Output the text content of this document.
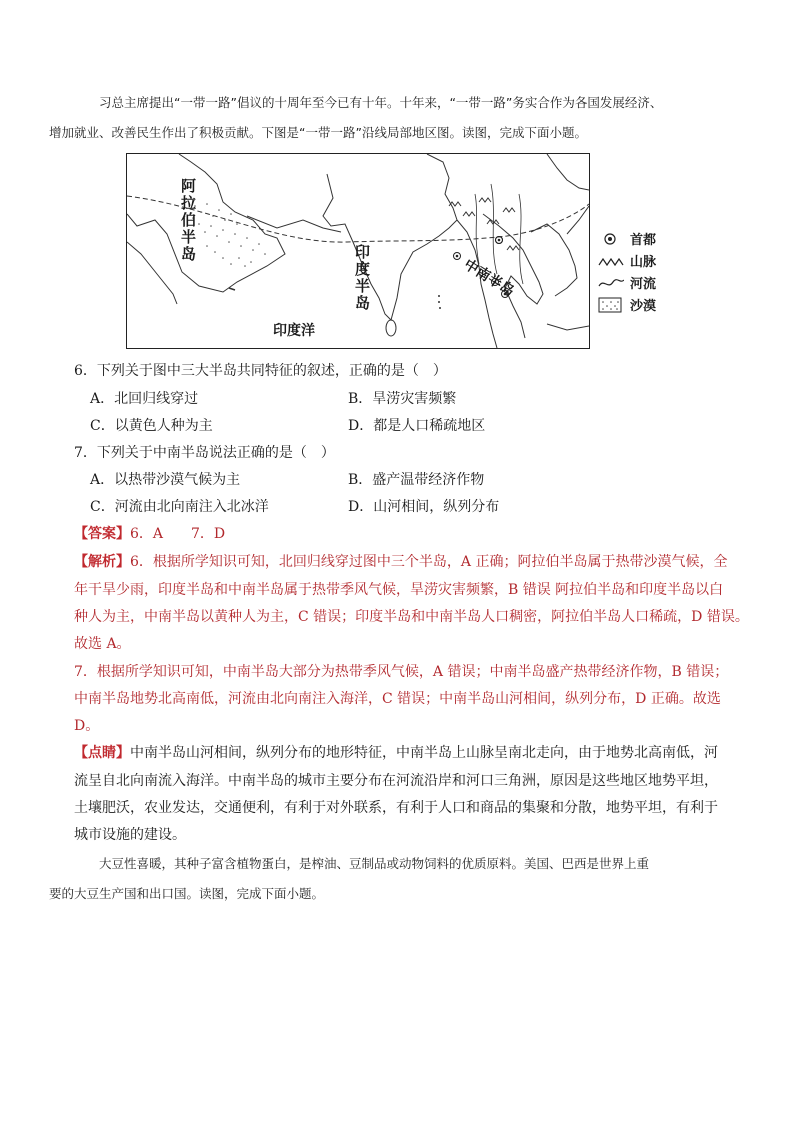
习总主席提出“一带一路”倡议的十周年至今已有十年。十年来，“一带一路”务实合作为各国发展经济、
增加就业、改善民生作出了积极贡献。下图是“一带一路”沿线局部地区图。读图，完成下面小题。
阿
拉
伯
半
岛	印
度
半
岛
中南半岛
印度洋
首都
山脉
河流
沙漠
6．下列关于图中三大半岛共同特征的叙述，正确的是（　）
A．北回归线穿过	B．旱涝灾害频繁
C．以黄色人种为主	D．都是人口稀疏地区
7．下列关于中南半岛说法正确的是（　）
A．以热带沙漠气候为主	B．盛产温带经济作物
C．河流由北向南注入北冰洋	D．山河相间，纵列分布
【答案】6．A　　7．D
【解析】6．根据所学知识可知，北回归线穿过图中三个半岛，A 正确；阿拉伯半岛属于热带沙漠气候，全
年干旱少雨，印度半岛和中南半岛属于热带季风气候，旱涝灾害频繁，B 错误 阿拉伯半岛和印度半岛以白
种人为主，中南半岛以黄种人为主，C 错误；印度半岛和中南半岛人口稠密，阿拉伯半岛人口稀疏，D 错误。
故选 A。
7．根据所学知识可知，中南半岛大部分为热带季风气候，A 错误；中南半岛盛产热带经济作物，B 错误；
中南半岛地势北高南低，河流由北向南注入海洋，C 错误；中南半岛山河相间，纵列分布，D 正确。故选
D。
【点睛】中南半岛山河相间，纵列分布的地形特征，中南半岛上山脉呈南北走向，由于地势北高南低，河
流呈自北向南流入海洋。中南半岛的城市主要分布在河流沿岸和河口三角洲，原因是这些地区地势平坦，
土壤肥沃，农业发达，交通便利，有利于对外联系，有利于人口和商品的集聚和分散，地势平坦，有利于
城市设施的建设。
大豆性喜暖，其种子富含植物蛋白，是榨油、豆制品或动物饲料的优质原料。美国、巴西是世界上重
要的大豆生产国和出口国。读图，完成下面小题。
